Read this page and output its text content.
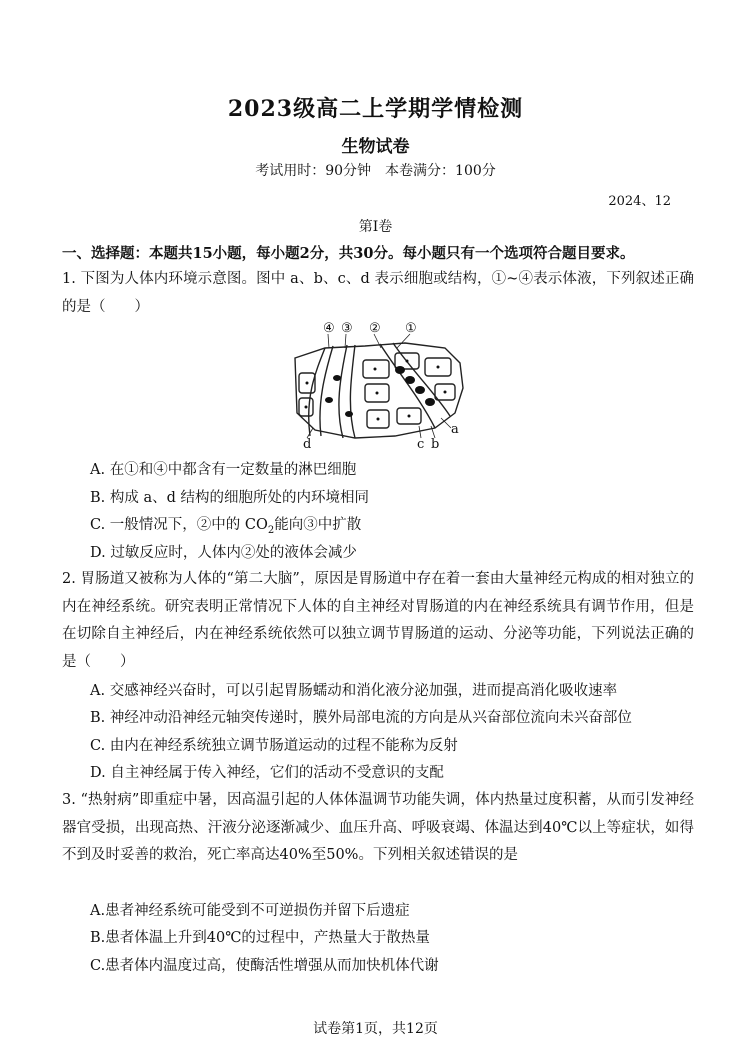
2023级高二上学期学情检测
生物试卷
考试用时：90分钟　本卷满分：100分
2024、12
第Ⅰ卷
一、选择题：本题共15小题，每小题2分，共30分。每小题只有一个选项符合题目要求。
1. 下图为人体内环境示意图。图中 a、b、c、d 表示细胞或结构，①~④表示体液，下列叙述正确的是（　　）
④ ③ ② ①
a
b
c
d
A. 在①和④中都含有一定数量的淋巴细胞
B. 构成 a、d 结构的细胞所处的内环境相同
C. 一般情况下，②中的 $CO_2$能向③中扩散
D. 过敏反应时，人体内②处的液体会减少
2. 胃肠道又被称为人体的“第二大脑”，原因是胃肠道中存在着一套由大量神经元构成的相对独立的内在神经系统。研究表明正常情况下人体的自主神经对胃肠道的内在神经系统具有调节作用，但是在切除自主神经后，内在神经系统依然可以独立调节胃肠道的运动、分泌等功能，下列说法正确的是（　　）
A. 交感神经兴奋时，可以引起胃肠蠕动和消化液分泌加强，进而提高消化吸收速率
B. 神经冲动沿神经元轴突传递时，膜外局部电流的方向是从兴奋部位流向未兴奋部位
C. 由内在神经系统独立调节肠道运动的过程不能称为反射
D. 自主神经属于传入神经，它们的活动不受意识的支配
3. “热射病”即重症中暑，因高温引起的人体体温调节功能失调，体内热量过度积蓄，从而引发神经器官受损，出现高热、汗液分泌逐渐减少、血压升高、呼吸衰竭、体温达到40℃以上等症状，如得不到及时妥善的救治，死亡率高达40%至50%。下列相关叙述错误的是
A.患者神经系统可能受到不可逆损伤并留下后遗症
B.患者体温上升到40℃的过程中，产热量大于散热量
C.患者体内温度过高，使酶活性增强从而加快机体代谢
试卷第1页，共12页
